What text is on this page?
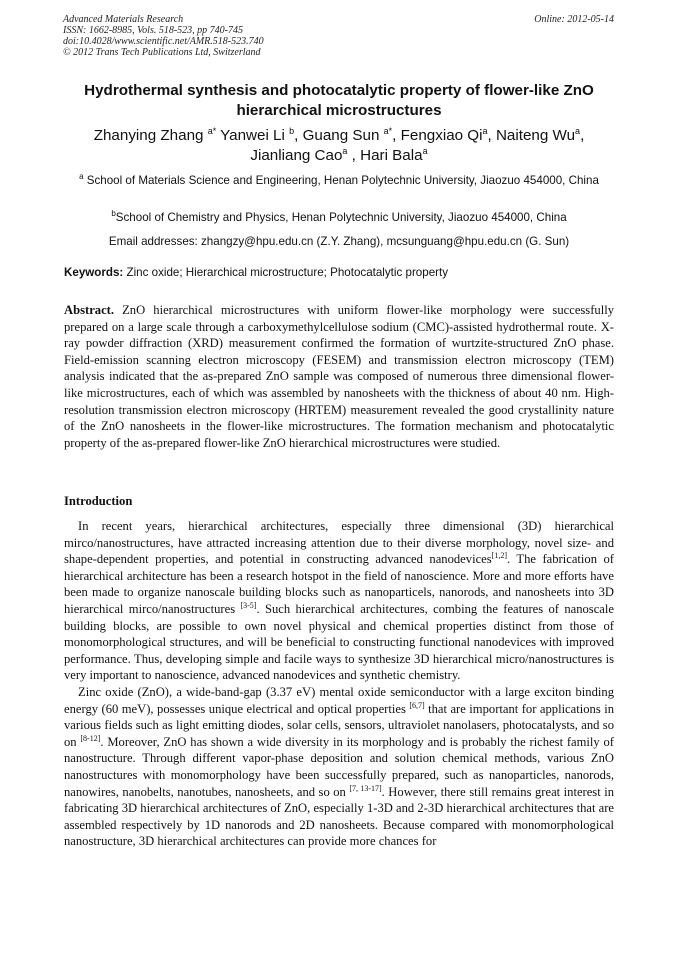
Advanced Materials Research
ISSN: 1662-8985, Vols. 518-523, pp 740-745
doi:10.4028/www.scientific.net/AMR.518-523.740
© 2012 Trans Tech Publications Ltd, Switzerland
Online: 2012-05-14
Hydrothermal synthesis and photocatalytic property of flower-like ZnO hierarchical microstructures

Zhanying Zhang $^{a*}$ Yanwei Li $^b$, Guang Sun $^{a*}$, Fengxiao Qi$^a$, Naiteng Wu$^a$,
Jianliang Cao$^a$ , Hari Bala$^a$

$^a$ School of Materials Science and Engineering, Henan Polytechnic University, Jiaozuo 454000, China

$^b$School of Chemistry and Physics, Henan Polytechnic University, Jiaozuo 454000, China

Email addresses: zhangzy@hpu.edu.cn (Z.Y. Zhang), mcsunguang@hpu.edu.cn (G. Sun)

Keywords: Zinc oxide; Hierarchical microstructure; Photocatalytic property

Abstract. ZnO hierarchical microstructures with uniform flower-like morphology were successfully prepared on a large scale through a carboxymethylcellulose sodium (CMC)-assisted hydrothermal route. X-ray powder diffraction (XRD) measurement confirmed the formation of wurtzite-structured ZnO phase. Field-emission scanning electron microscopy (FESEM) and transmission electron microscopy (TEM) analysis indicated that the as-prepared ZnO sample was composed of numerous three dimensional flower-like microstructures, each of which was assembled by nanosheets with the thickness of about 40 nm. High-resolution transmission electron microscopy (HRTEM) measurement revealed the good crystallinity nature of the ZnO nanosheets in the flower-like microstructures. The formation mechanism and photocatalytic property of the as-prepared flower-like ZnO hierarchical microstructures were studied.

Introduction

In recent years, hierarchical architectures, especially three dimensional (3D) hierarchical mirco/nanostructures, have attracted increasing attention due to their diverse morphology, novel size- and shape-dependent properties, and potential in constructing advanced nanodevices[1,2]. The fabrication of hierarchical architecture has been a research hotspot in the field of nanoscience. More and more efforts have been made to organize nanoscale building blocks such as nanoparticels, nanorods, and nanosheets into 3D hierarchical mirco/nanostructures [3-5]. Such hierarchical architectures, combing the features of nanoscale building blocks, are possible to own novel physical and chemical properties distinct from those of monomorphological structures, and will be beneficial to constructing functional nanodevices with improved performance. Thus, developing simple and facile ways to synthesize 3D hierarchical micro/nanostructures is very important to nanoscience, advanced nanodevices and synthetic chemistry.

Zinc oxide (ZnO), a wide-band-gap (3.37 eV) mental oxide semiconductor with a large exciton binding energy (60 meV), possesses unique electrical and optical properties [6,7] that are important for applications in various fields such as light emitting diodes, solar cells, sensors, ultraviolet nanolasers, photocatalysts, and so on [8-12]. Moreover, ZnO has shown a wide diversity in its morphology and is probably the richest family of nanostructure. Through different vapor-phase deposition and solution chemical methods, various ZnO nanostructures with monomorphology have been successfully prepared, such as nanoparticles, nanorods, nanowires, nanobelts, nanotubes, nanosheets, and so on [7, 13-17]. However, there still remains great interest in fabricating 3D hierarchical architectures of ZnO, especially 1-3D and 2-3D hierarchical architectures that are assembled respectively by 1D nanorods and 2D nanosheets. Because compared with monomorphological nanostructure, 3D hierarchical architectures can provide more chances for
